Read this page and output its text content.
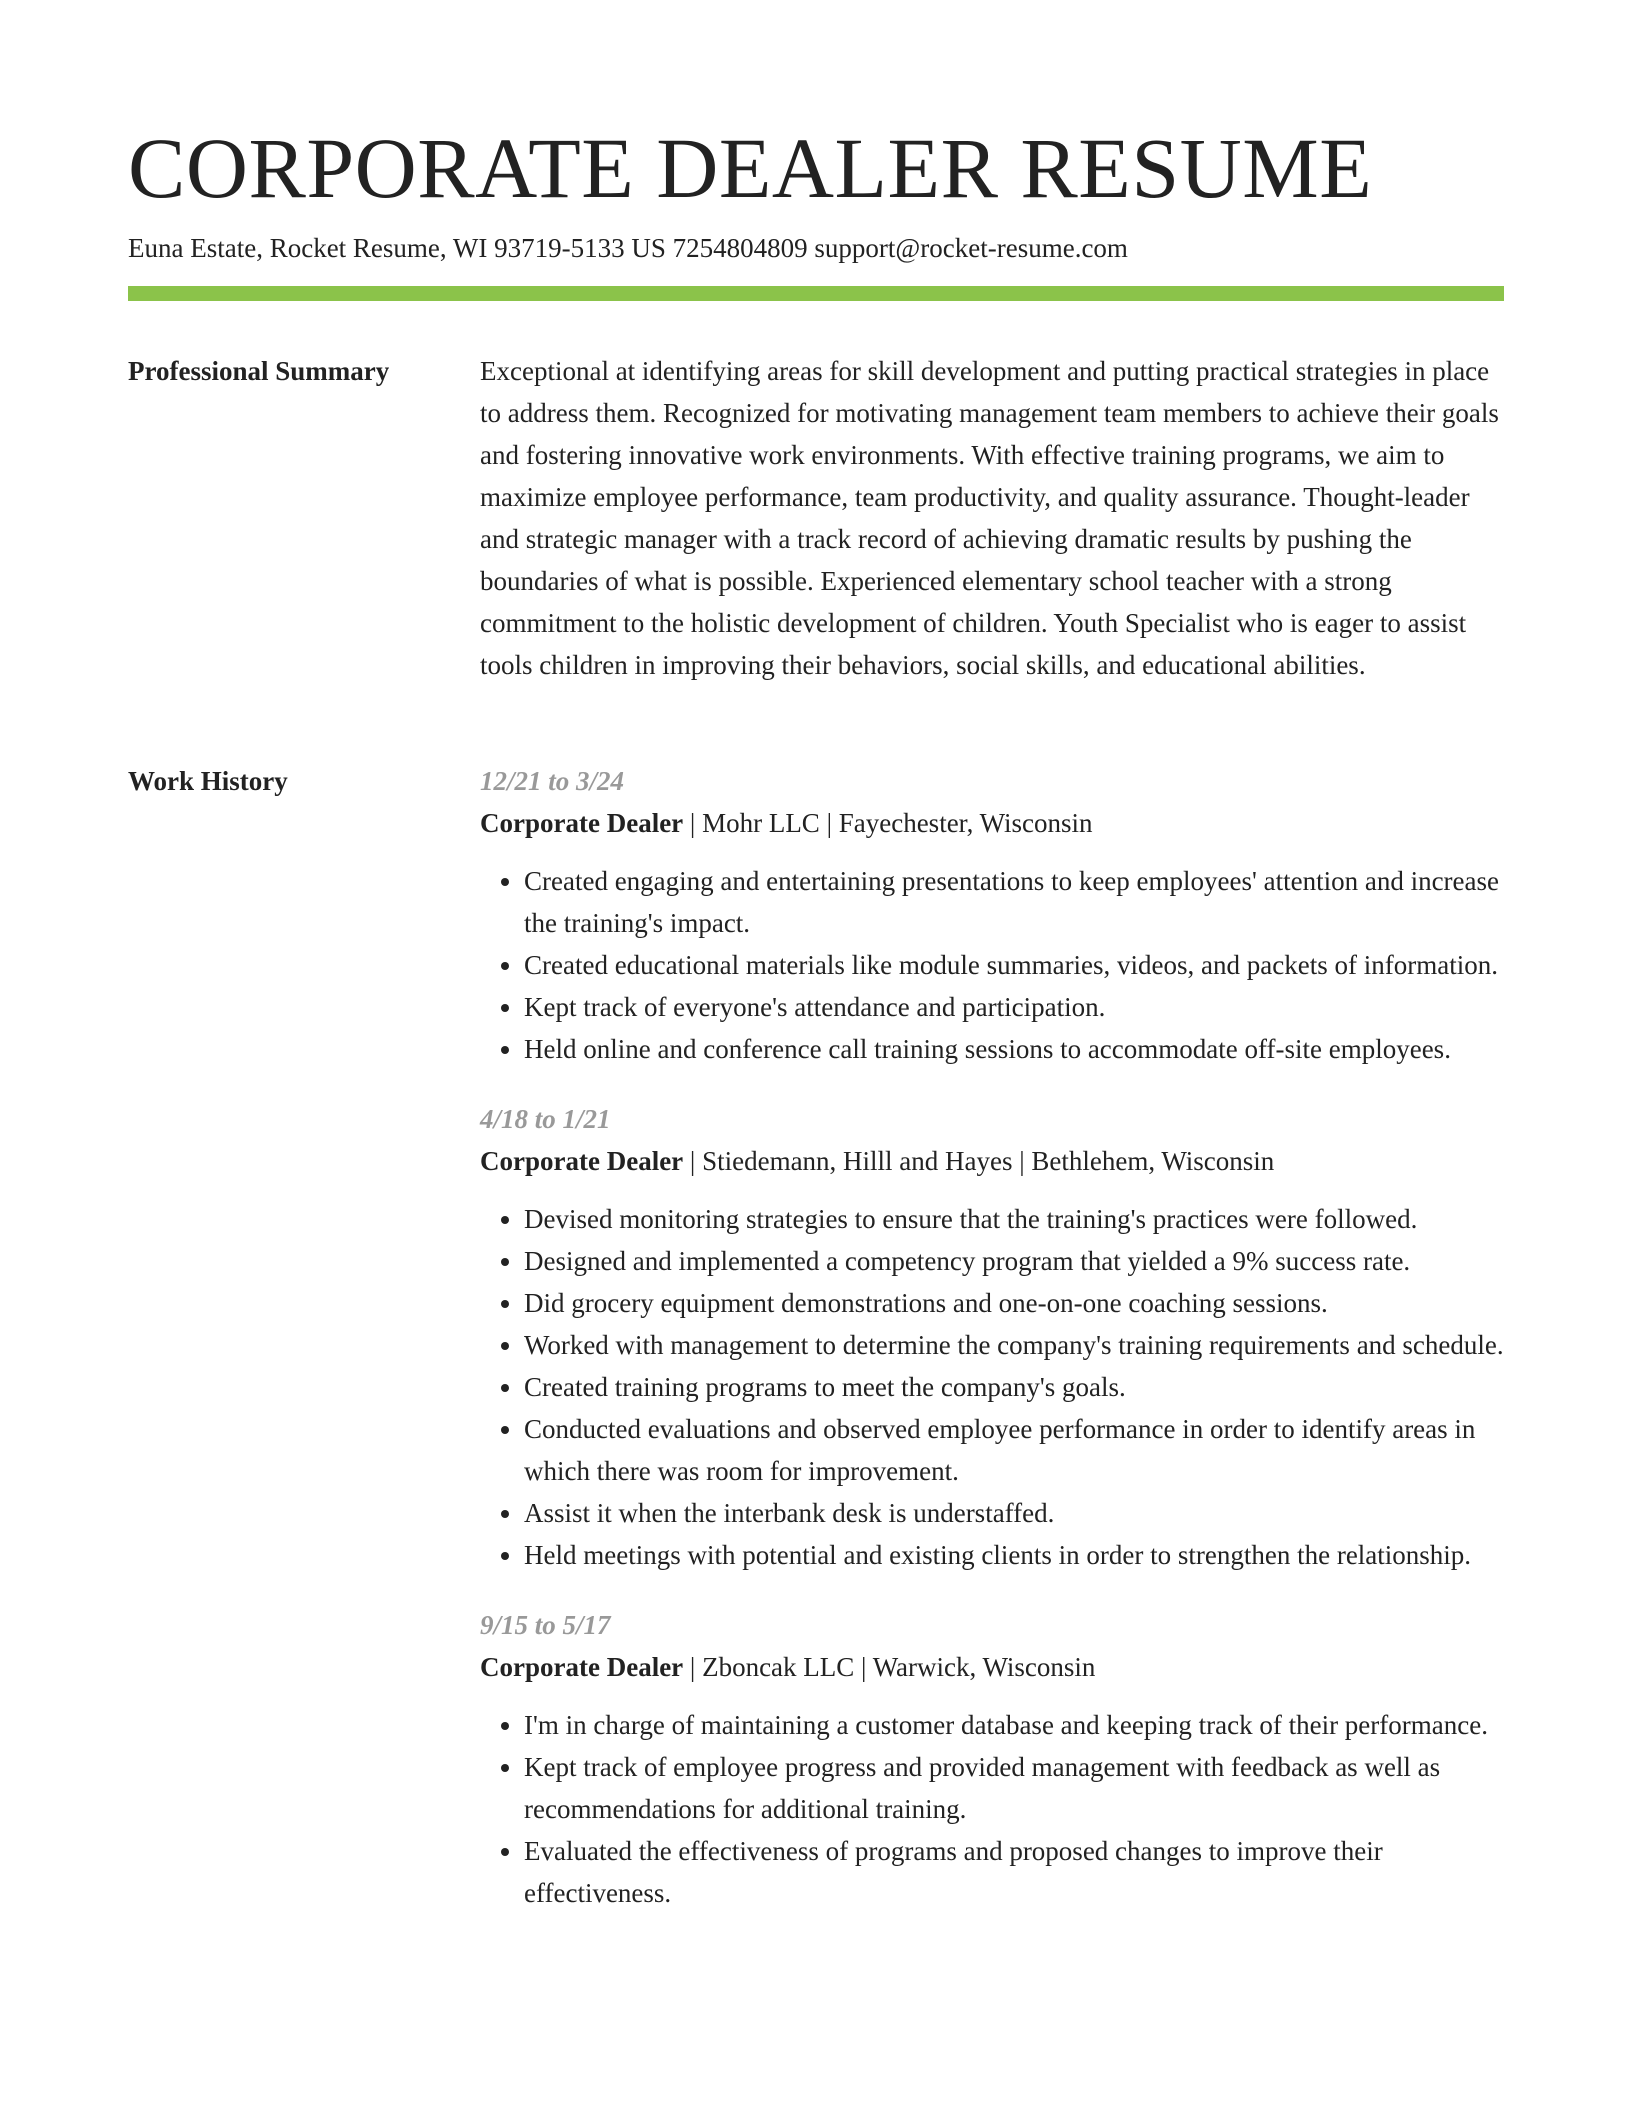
CORPORATE DEALER RESUME
Euna Estate, Rocket Resume, WI 93719-5133 US 7254804809 support@rocket-resume.com
Professional Summary	Exceptional at identifying areas for skill development and putting practical strategies in place to address them. Recognized for motivating management team members to achieve their goals and fostering innovative work environments. With effective training programs, we aim to maximize employee performance, team productivity, and quality assurance. Thought-leader and strategic manager with a track record of achieving dramatic results by pushing the boundaries of what is possible. Experienced elementary school teacher with a strong commitment to the holistic development of children. Youth Specialist who is eager to assist tools children in improving their behaviors, social skills, and educational abilities.

Work History	12/21 to 3/24
Corporate Dealer | Mohr LLC | Fayechester, Wisconsin
• Created engaging and entertaining presentations to keep employees' attention and increase the training's impact.
• Created educational materials like module summaries, videos, and packets of information.
• Kept track of everyone's attendance and participation.
• Held online and conference call training sessions to accommodate off-site employees.
4/18 to 1/21
Corporate Dealer | Stiedemann, Hilll and Hayes | Bethlehem, Wisconsin
• Devised monitoring strategies to ensure that the training's practices were followed.
• Designed and implemented a competency program that yielded a 9% success rate.
• Did grocery equipment demonstrations and one-on-one coaching sessions.
• Worked with management to determine the company's training requirements and schedule.
• Created training programs to meet the company's goals.
• Conducted evaluations and observed employee performance in order to identify areas in which there was room for improvement.
• Assist it when the interbank desk is understaffed.
• Held meetings with potential and existing clients in order to strengthen the relationship.
9/15 to 5/17
Corporate Dealer | Zboncak LLC | Warwick, Wisconsin
• I'm in charge of maintaining a customer database and keeping track of their performance.
• Kept track of employee progress and provided management with feedback as well as recommendations for additional training.
• Evaluated the effectiveness of programs and proposed changes to improve their effectiveness.
